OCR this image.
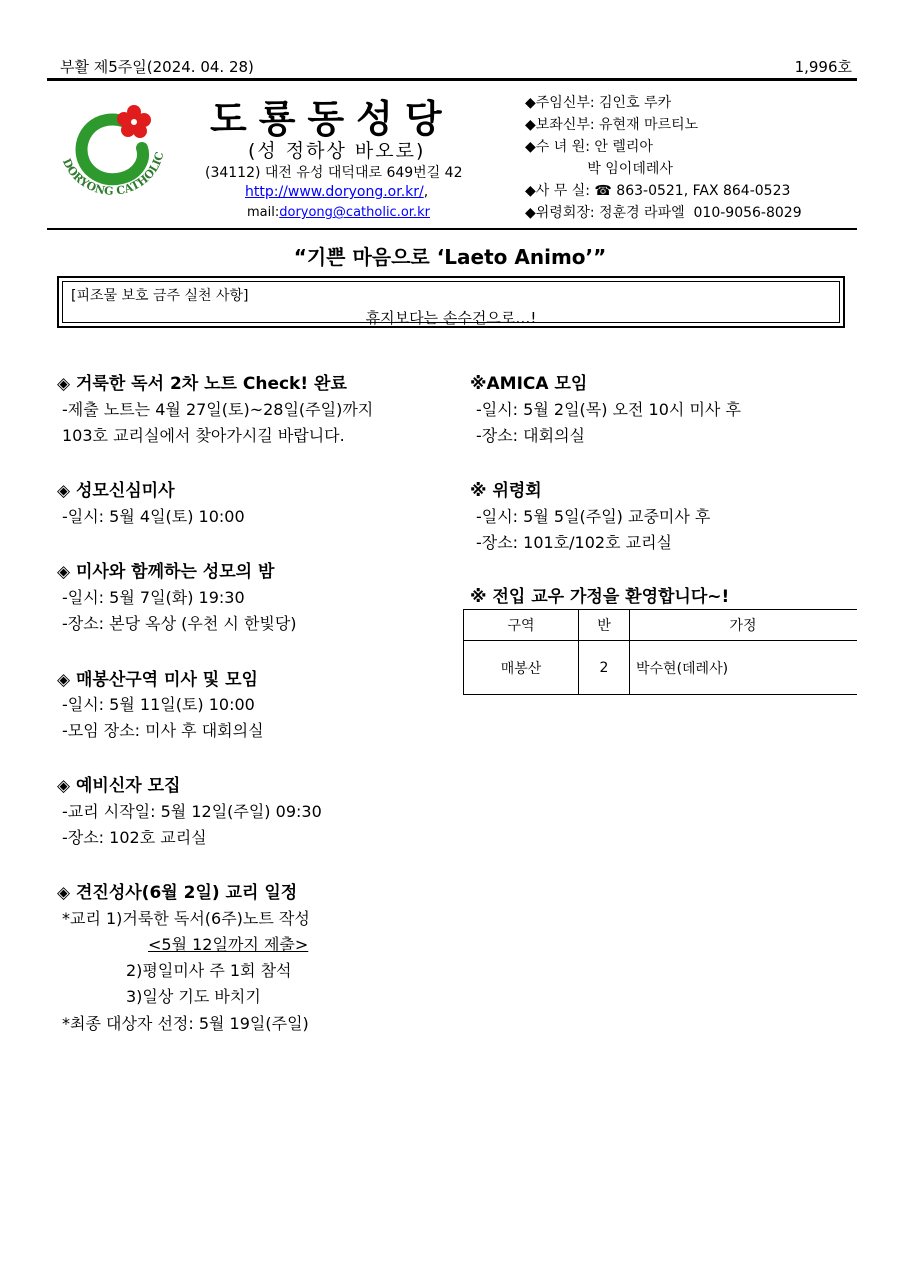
부활 제5주일(2024. 04. 28)	1,996호
DORYONG CATHOLIC
도룡동성당
(성 정하상 바오로)
(34112) 대전 유성 대덕대로 649번길 42
http://www.doryong.or.kr/,
mail:doryong@catholic.or.kr
◆주임신부: 김인호 루카
◆보좌신부: 유현재 마르티노
◆수 녀 원: 안 렐리아
박 임이데레사
◆사 무 실: ☎ 863-0521, FAX 864-0523
◆위령회장: 정훈경 라파엘  010-9056-8029
“기쁜 마음으로 ‘Laeto Animo’”
[피조물 보호 금주 실천 사항]
휴지보다는 손수건으로…!
◈ 거룩한 독서 2차 노트 Check! 완료
-제출 노트는 4월 27일(토)~28일(주일)까지
103호 교리실에서 찾아가시길 바랍니다.
◈ 성모신심미사
-일시: 5월 4일(토) 10:00
◈ 미사와 함께하는 성모의 밤
-일시: 5월 7일(화) 19:30
-장소: 본당 옥상 (우천 시 한빛당)
◈ 매봉산구역 미사 및 모임
-일시: 5월 11일(토) 10:00
-모임 장소: 미사 후 대회의실
◈ 예비신자 모집
-교리 시작일: 5월 12일(주일) 09:30
-장소: 102호 교리실
◈ 견진성사(6월 2일) 교리 일정
*교리 1)거룩한 독서(6주)노트 작성
<5월 12일까지 제출>
2)평일미사 주 1회 참석
3)일상 기도 바치기
*최종 대상자 선정: 5월 19일(주일)
※AMICA 모임
-일시: 5월 2일(목) 오전 10시 미사 후
-장소: 대회의실
※ 위령회
-일시: 5월 5일(주일) 교중미사 후
-장소: 101호/102호 교리실
※ 전입 교우 가정을 환영합니다~!
구역	반	가정
매봉산	2	박수현(데레사)
